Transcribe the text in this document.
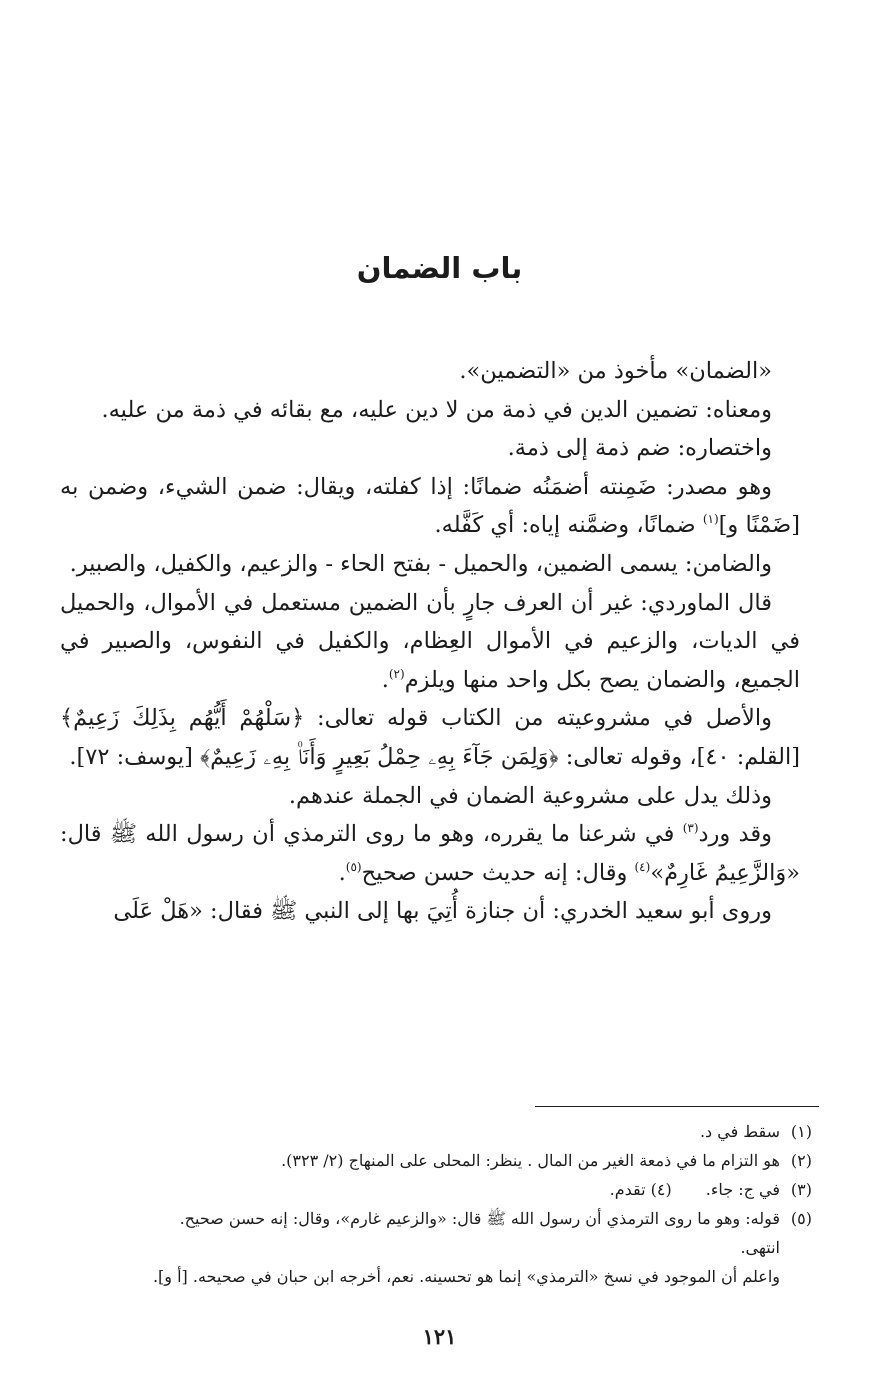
باب الضمان

«الضمان» مأخوذ من «التضمين».

ومعناه: تضمين الدين في ذمة من لا دين عليه، مع بقائه في ذمة من عليه.

واختصاره: ضم ذمة إلى ذمة.

وهو مصدر: ضَمِنته أضمَنُه ضمانًا: إذا كفلته، ويقال: ضمن الشيء، وضمن به [ضَمْنًا و]$^{(١)}$ ضمانًا، وضمَّنه إياه: أي كَفَّله.

والضامن: يسمى الضمين، والحميل - بفتح الحاء - والزعيم، والكفيل، والصبير.

قال الماوردي: غير أن العرف جارٍ بأن الضمين مستعمل في الأموال، والحميل في الديات، والزعيم في الأموال العِظام، والكفيل في النفوس، والصبير في الجميع، والضمان يصح بكل واحد منها ويلزم$^{(٢)}$.

والأصل في مشروعيته من الكتاب قوله تعالى: ﴿سَلْهُمْ أَيُّهُم بِذَلِكَ زَعِيمٌ﴾ [القلم: ٤٠]، وقوله تعالى: ﴿وَلِمَن جَآءَ بِهِۦ حِمْلُ بَعِيرٍ وَأَنَا۠ بِهِۦ زَعِيمٌ﴾ [يوسف: ٧٢].

وذلك يدل على مشروعية الضمان في الجملة عندهم.

وقد ورد$^{(٣)}$ في شرعنا ما يقرره، وهو ما روى الترمذي أن رسول الله ﷺ قال: «وَالزَّعِيمُ غَارِمٌ»$^{(٤)}$ وقال: إنه حديث حسن صحيح$^{(٥)}$.

وروى أبو سعيد الخدري: أن جنازة أُتِيَ بها إلى النبي ﷺ فقال: «هَلْ عَلَى

(١)
سقط في د.
(٢)
هو التزام ما في ذمعة الغير من المال . ينظر: المحلى على المنهاج (٢/ ٣٢٣).
(٣)
في ج: جاء.(٤) تقدم.
(٥)
قوله: وهو ما روى الترمذي أن رسول الله ﷺ قال: «والزعيم غارم»، وقال: إنه حسن صحيح.

انتهى.

واعلم أن الموجود في نسخ «الترمذي» إنما هو تحسينه. نعم، أخرجه ابن حبان في صحيحه. [أ و].

١٢١
